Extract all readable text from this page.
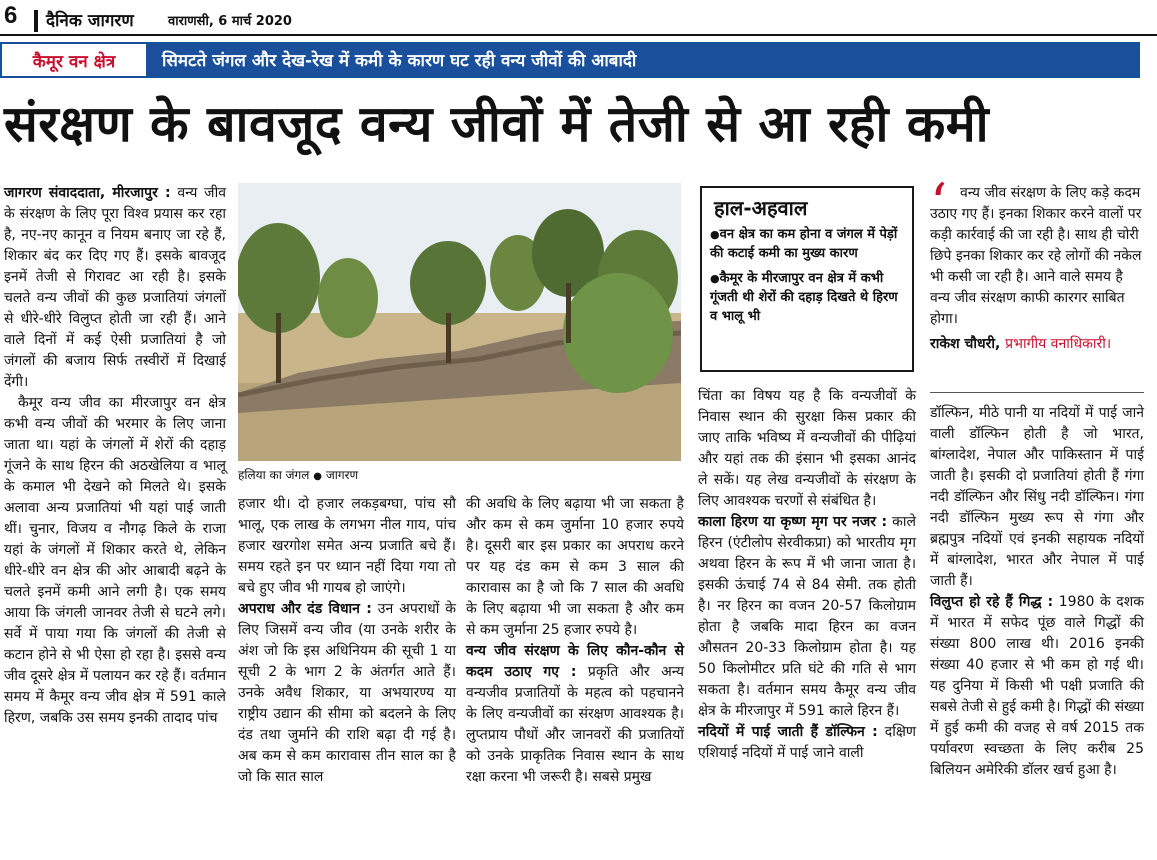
6 दैनिक जागरण	वाराणसी, 6 मार्च 2020
कैमूर वन क्षेत्र	सिमटते जंगल और देख-रेख में कमी के कारण घट रही वन्य जीवों की आबादी
संरक्षण के बावजूद वन्य जीवों में तेजी से आ रही कमी

जागरण संवाददाता, मीरजापुर : वन्य जीव के संरक्षण के लिए पूरा विश्व प्रयास कर रहा है, नए-नए कानून व नियम बनाए जा रहे हैं, शिकार बंद कर दिए गए हैं। इसके बावजूद इनमें तेजी से गिरावट आ रही है। इसके चलते वन्य जीवों की कुछ प्रजातियां जंगलों से धीरे-धीरे विलुप्त होती जा रही हैं। आने वाले दिनों में कई ऐसी प्रजातियां है जो जंगलों की बजाय सिर्फ तस्वीरों में दिखाई देंगी।

कैमूर वन्य जीव का मीरजापुर वन क्षेत्र कभी वन्य जीवों की भरमार के लिए जाना जाता था। यहां के जंगलों में शेरों की दहाड़ गूंजने के साथ हिरन की अठखेलिया व भालू के कमाल भी देखने को मिलते थे। इसके अलावा अन्य प्रजातियां भी यहां पाई जाती थीं। चुनार, विजय व नौगढ़ किले के राजा यहां के जंगलों में शिकार करते थे, लेकिन धीरे-धीरे वन क्षेत्र की ओर आबादी बढ़ने के चलते इनमें कमी आने लगी है। एक समय आया कि जंगली जानवर तेजी से घटने लगे। सर्वे में पाया गया कि जंगलों की तेजी से कटान होने से भी ऐसा हो रहा है। इससे वन्य जीव दूसरे क्षेत्र में पलायन कर रहे हैं। वर्तमान समय में कैमूर वन्य जीव क्षेत्र में 591 काले हिरण, जबकि उस समय इनकी तादाद पांच

हलिया का जंगल ● जागरण

हजार थी। दो हजार लकड़बग्घा, पांच सौ भालू, एक लाख के लगभग नील गाय, पांच हजार खरगोश समेत अन्य प्रजाति बचे हैं। समय रहते इन पर ध्यान नहीं दिया गया तो बचे हुए जीव भी गायब हो जाएंगे।

अपराध और दंड विधान : उन अपराधों के लिए जिसमें वन्य जीव (या उनके शरीर के अंश जो कि इस अधिनियम की सूची 1 या सूची 2 के भाग 2 के अंतर्गत आते हैं। उनके अवैध शिकार, या अभयारण्य या राष्ट्रीय उद्यान की सीमा को बदलने के लिए दंड तथा जुर्माने की राशि बढ़ा दी गई है। अब कम से कम कारावास तीन साल का है जो कि सात साल

की अवधि के लिए बढ़ाया भी जा सकता है और कम से कम जुर्माना 10 हजार रुपये है। दूसरी बार इस प्रकार का अपराध करने पर यह दंड कम से कम 3 साल की कारावास का है जो कि 7 साल की अवधि के लिए बढ़ाया भी जा सकता है और कम से कम जुर्माना 25 हजार रुपये है।

वन्य जीव संरक्षण के लिए कौन-कौन से कदम उठाए गए : प्रकृति और अन्य वन्यजीव प्रजातियों के महत्व को पहचानने के लिए वन्यजीवों का संरक्षण आवश्यक है। लुप्तप्राय पौधों और जानवरों की प्रजातियों को उनके प्राकृतिक निवास स्थान के साथ रक्षा करना भी जरूरी है। सबसे प्रमुख

हाल-अहवाल
●वन क्षेत्र का कम होना व जंगल में पेड़ों की कटाई कमी का मुख्य कारण
●कैमूर के मीरजापुर वन क्षेत्र में कभी गूंजती थी शेरों की दहाड़ दिखते थे हिरण व भालू भी

चिंता का विषय यह है कि वन्यजीवों के निवास स्थान की सुरक्षा किस प्रकार की जाए ताकि भविष्य में वन्यजीवों की पीढ़ियां और यहां तक की इंसान भी इसका आनंद ले सकें। यह लेख वन्यजीवों के संरक्षण के लिए आवश्यक चरणों से संबंधित है।

काला हिरण या कृष्ण मृग पर नजर : काले हिरन (एंटीलोप सेरवीकप्रा) को भारतीय मृग अथवा हिरन के रूप में भी जाना जाता है। इसकी ऊंचाई 74 से 84 सेमी. तक होती है। नर हिरन का वजन 20-57 किलोग्राम होता है जबकि मादा हिरन का वजन औसतन 20-33 किलोग्राम होता है। यह 50 किलोमीटर प्रति घंटे की गति से भाग सकता है। वर्तमान समय कैमूर वन्य जीव क्षेत्र के मीरजापुर में 591 काले हिरन हैं।

नदियों में पाई जाती हैं डॉल्फिन : दक्षिण एशियाई नदियों में पाई जाने वाली

‘ वन्य जीव संरक्षण के लिए कड़े कदम उठाए गए हैं। इनका शिकार करने वालों पर कड़ी कार्रवाई की जा रही है। साथ ही चोरी छिपे इनका शिकार कर रहे लोगों की नकेल भी कसी जा रही है। आने वाले समय है वन्य जीव संरक्षण काफी कारगर साबित होगा।

राकेश चौधरी, प्रभागीय वनाधिकारी।

डॉल्फिन, मीठे पानी या नदियों में पाई जाने वाली डॉल्फिन होती है जो भारत, बांग्लादेश, नेपाल और पाकिस्तान में पाई जाती है। इसकी दो प्रजातियां होती हैं गंगा नदी डॉल्फिन और सिंधु नदी डॉल्फिन। गंगा नदी डॉल्फिन मुख्य रूप से गंगा और ब्रह्मपुत्र नदियों एवं इनकी सहायक नदियों में बांग्लादेश, भारत और नेपाल में पाई जाती हैं।

विलुप्त हो रहे हैं गिद्ध : 1980 के दशक में भारत में सफेद पूंछ वाले गिद्धों की संख्या 800 लाख थी। 2016 इनकी संख्या 40 हजार से भी कम हो गई थी। यह दुनिया में किसी भी पक्षी प्रजाति की सबसे तेजी से हुई कमी है। गिद्धों की संख्या में हुई कमी की वजह से वर्ष 2015 तक पर्यावरण स्वच्छता के लिए करीब 25 बिलियन अमेरिकी डॉलर खर्च हुआ है।
